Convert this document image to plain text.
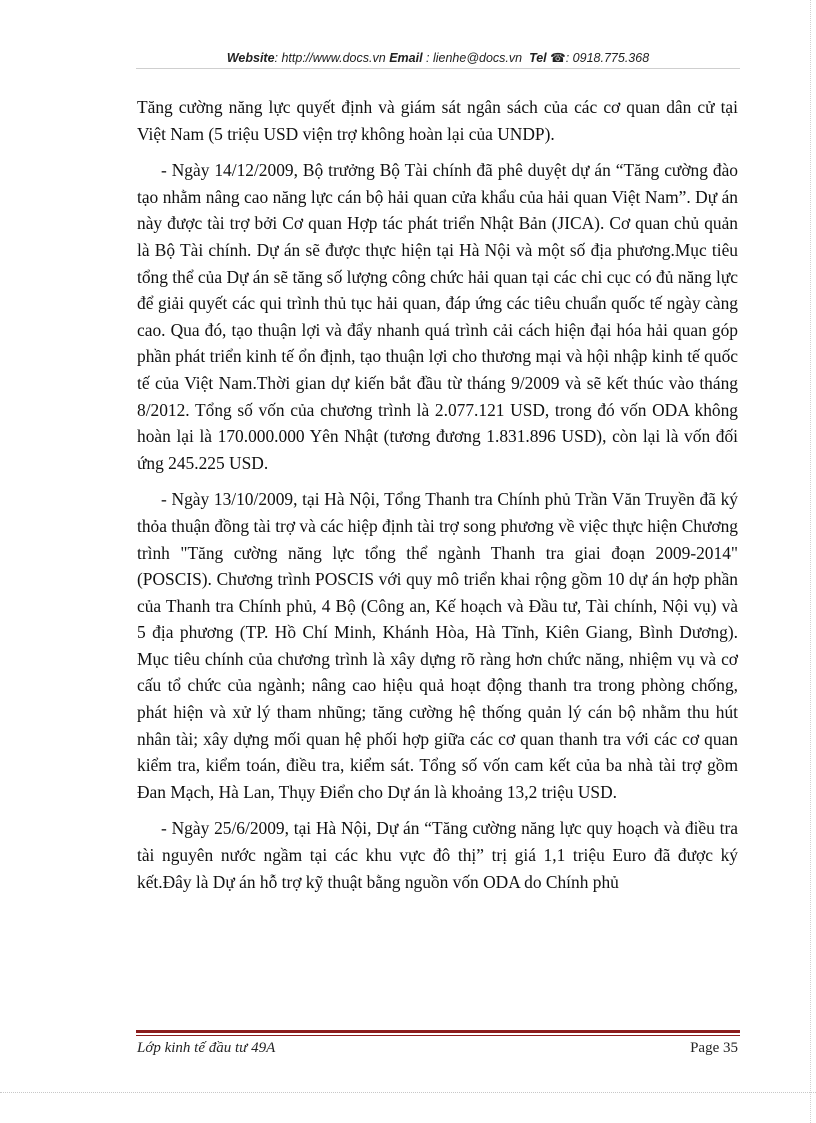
Website: http://www.docs.vn Email : lienhe@docs.vn Tel ☎: 0918.775.368

Tăng cường năng lực quyết định và giám sát ngân sách của các cơ quan dân cử tại Việt Nam (5 triệu USD viện trợ không hoàn lại của UNDP).

- Ngày 14/12/2009, Bộ trưởng Bộ Tài chính đã phê duyệt dự án “Tăng cường đào tạo nhằm nâng cao năng lực cán bộ hải quan cửa khẩu của hải quan Việt Nam”. Dự án này được tài trợ bởi Cơ quan Hợp tác phát triển Nhật Bản (JICA). Cơ quan chủ quản là Bộ Tài chính. Dự án sẽ được thực hiện tại Hà Nội và một số địa phương.Mục tiêu tổng thể của Dự án sẽ tăng số lượng công chức hải quan tại các chi cục có đủ năng lực để giải quyết các qui trình thủ tục hải quan, đáp ứng các tiêu chuẩn quốc tế ngày càng cao. Qua đó, tạo thuận lợi và đẩy nhanh quá trình cải cách hiện đại hóa hải quan góp phần phát triển kinh tế ổn định, tạo thuận lợi cho thương mại và hội nhập kinh tế quốc tế của Việt Nam.Thời gian dự kiến bắt đầu từ tháng 9/2009 và sẽ kết thúc vào tháng 8/2012. Tổng số vốn của chương trình là 2.077.121 USD, trong đó vốn ODA không hoàn lại là 170.000.000 Yên Nhật (tương đương 1.831.896 USD), còn lại là vốn đối ứng 245.225 USD.

- Ngày 13/10/2009, tại Hà Nội, Tổng Thanh tra Chính phủ Trần Văn Truyền đã ký thỏa thuận đồng tài trợ và các hiệp định tài trợ song phương về việc thực hiện Chương trình "Tăng cường năng lực tổng thể ngành Thanh tra giai đoạn 2009-2014" (POSCIS). Chương trình POSCIS với quy mô triển khai rộng gồm 10 dự án hợp phần của Thanh tra Chính phủ, 4 Bộ (Công an, Kế hoạch và Đầu tư, Tài chính, Nội vụ) và 5 địa phương (TP. Hồ Chí Minh, Khánh Hòa, Hà Tĩnh, Kiên Giang, Bình Dương). Mục tiêu chính của chương trình là xây dựng rõ ràng hơn chức năng, nhiệm vụ và cơ cấu tổ chức của ngành; nâng cao hiệu quả hoạt động thanh tra trong phòng chống, phát hiện và xử lý tham nhũng; tăng cường hệ thống quản lý cán bộ nhằm thu hút nhân tài; xây dựng mối quan hệ phối hợp giữa các cơ quan thanh tra với các cơ quan kiểm tra, kiểm toán, điều tra, kiểm sát. Tổng số vốn cam kết của ba nhà tài trợ gồm Đan Mạch, Hà Lan, Thụy Điển cho Dự án là khoảng 13,2 triệu USD.

- Ngày 25/6/2009, tại Hà Nội, Dự án “Tăng cường năng lực quy hoạch và điều tra tài nguyên nước ngầm tại các khu vực đô thị” trị giá 1,1 triệu Euro đã được ký kết.Đây là Dự án hỗ trợ kỹ thuật bằng nguồn vốn ODA do Chính phủ

Lớp kinh tế đầu tư 49A	Page 35
